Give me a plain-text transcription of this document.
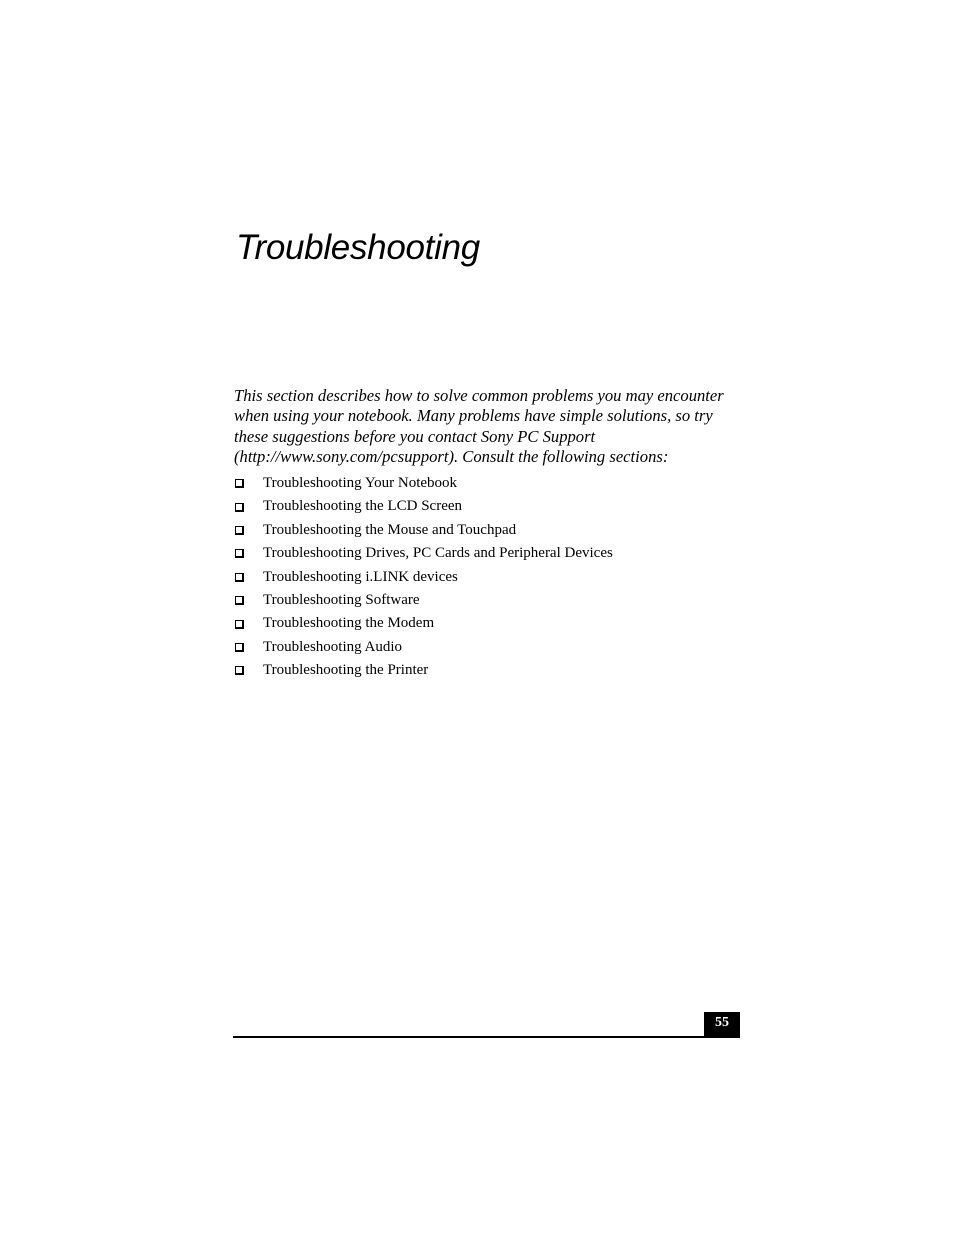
Troubleshooting

This section describes how to solve common problems you may encounter
when using your notebook. Many problems have simple solutions, so try
these suggestions before you contact Sony PC Support
(http://www.sony.com/pcsupport). Consult the following sections:

Troubleshooting Your Notebook
Troubleshooting the LCD Screen
Troubleshooting the Mouse and Touchpad
Troubleshooting Drives, PC Cards and Peripheral Devices
Troubleshooting i.LINK devices
Troubleshooting Software
Troubleshooting the Modem
Troubleshooting Audio
Troubleshooting the Printer
55
